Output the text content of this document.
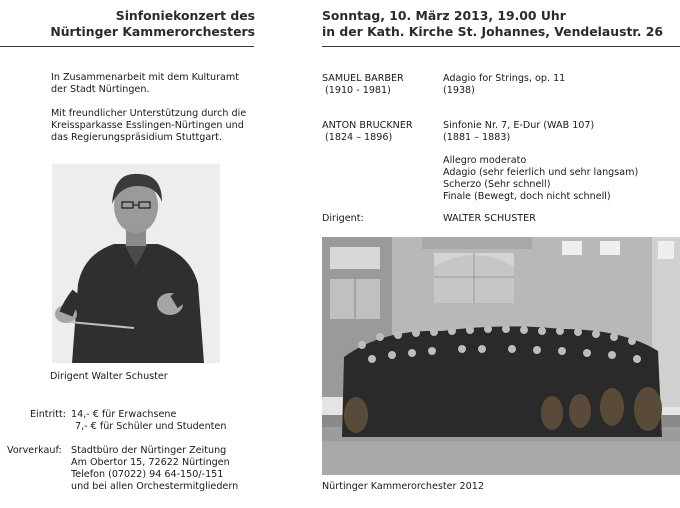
Sinfoniekonzert des
Nürtinger Kammerorchesters
Sonntag, 10. März 2013, 19.00 Uhr
in der Kath. Kirche St. Johannes, Vendelaustr. 26
In Zusammenarbeit mit dem Kulturamt
der Stadt Nürtingen.
Mit freundlicher Unterstützung durch die
Kreissparkasse Esslingen-Nürtingen und
das Regierungspräsidium Stuttgart.
Dirigent Walter Schuster
Eintritt: 14,- € für Erwachsene
7,- € für Schüler und Studenten
Vorverkauf: Stadtbüro der Nürtinger Zeitung
Am Obertor 15, 72622 Nürtingen
Telefon (07022) 94 64-150/-151
und bei allen Orchestermitgliedern
SAMUEL BARBER
(1910 - 1981)
Adagio for Strings, op. 11
(1938)
ANTON BRUCKNER
(1824 – 1896)
Sinfonie Nr. 7, E-Dur (WAB 107)
(1881 – 1883)
Allegro moderato
Adagio (sehr feierlich und sehr langsam)
Scherzo (Sehr schnell)
Finale (Bewegt, doch nicht schnell)
Dirigent:	WALTER SCHUSTER
Nürtinger Kammerorchester 2012
